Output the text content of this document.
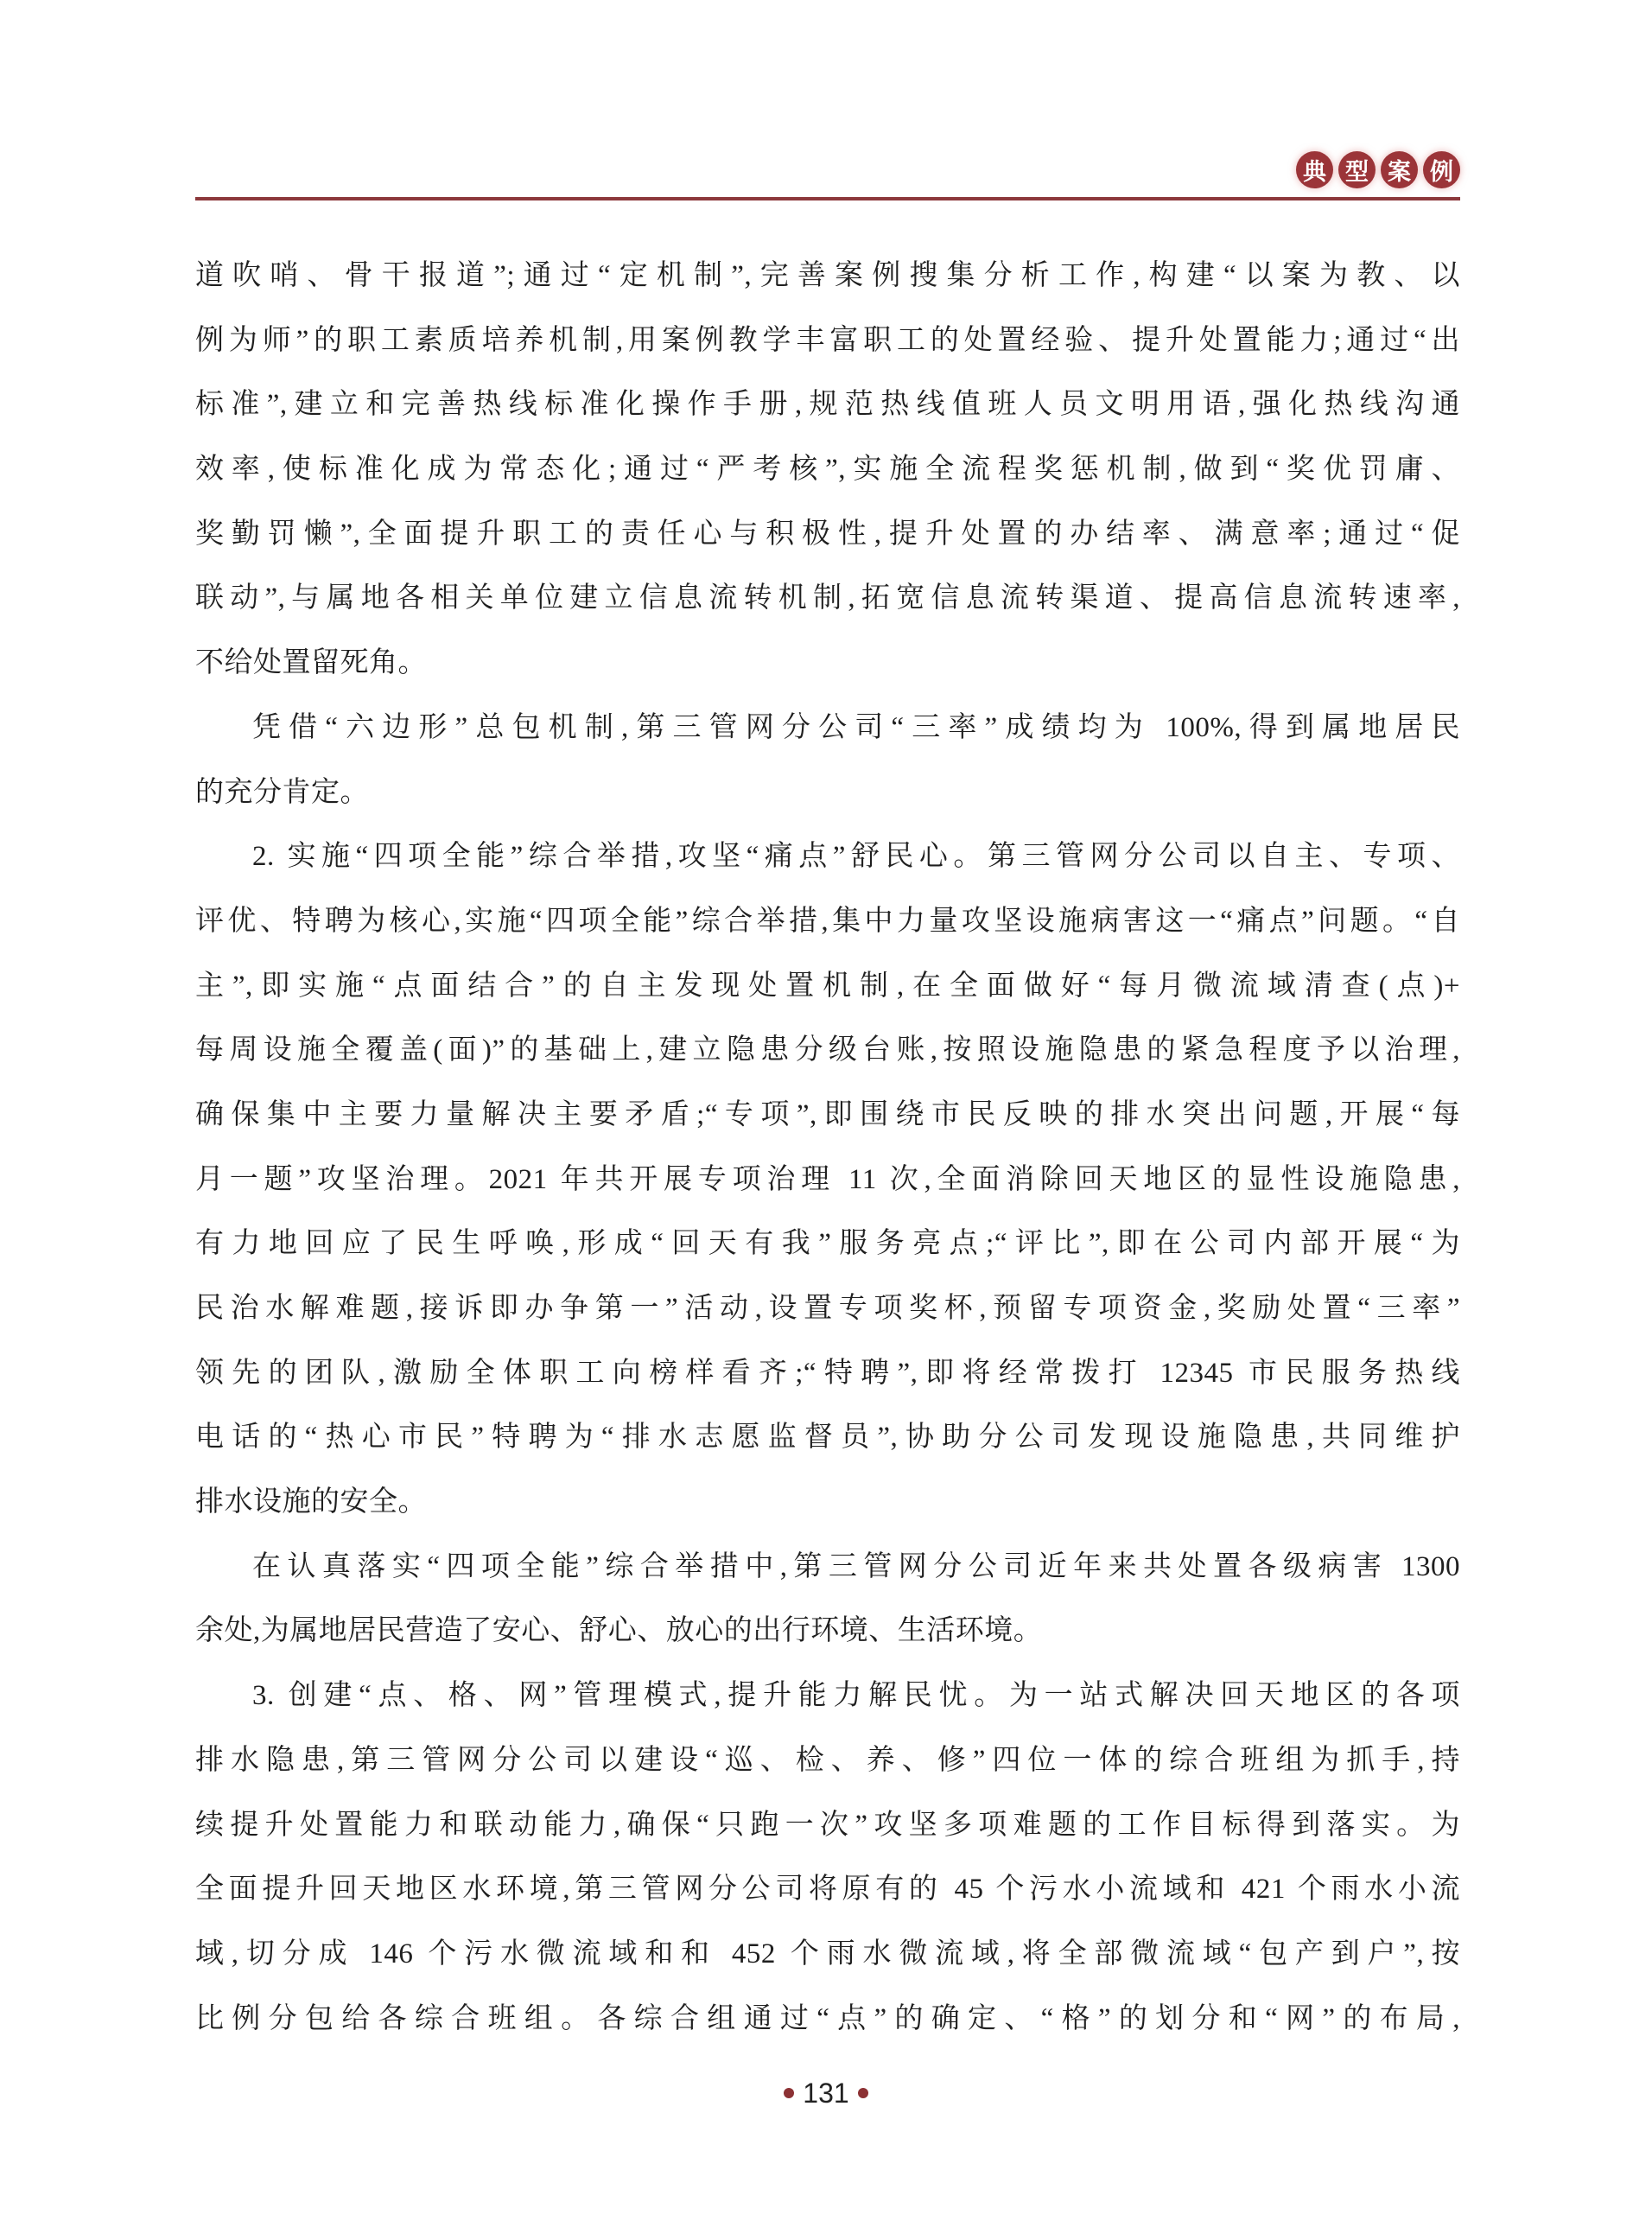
典 型 案 例
道吹哨、骨干报道”;通过“定机制”,完善案例搜集分析工作,构建“以案为教、以
例为师”的职工素质培养机制,用案例教学丰富职工的处置经验、提升处置能力;通过“出
标准”,建立和完善热线标准化操作手册,规范热线值班人员文明用语,强化热线沟通
效率,使标准化成为常态化;通过“严考核”,实施全流程奖惩机制,做到“奖优罚庸、
奖勤罚懒”,全面提升职工的责任心与积极性,提升处置的办结率、满意率;通过“促
联动”,与属地各相关单位建立信息流转机制,拓宽信息流转渠道、提高信息流转速率,
不给处置留死角。
凭借“六边形”总包机制,第三管网分公司“三率”成绩均为 100%,得到属地居民
的充分肯定。
2. 实施“四项全能”综合举措,攻坚“痛点”舒民心。第三管网分公司以自主、专项、
评优、特聘为核心,实施“四项全能”综合举措,集中力量攻坚设施病害这一“痛点”问题。“自
主”,即实施“点面结合”的自主发现处置机制,在全面做好“每月微流域清查(点)+
每周设施全覆盖(面)”的基础上,建立隐患分级台账,按照设施隐患的紧急程度予以治理,
确保集中主要力量解决主要矛盾;“专项”,即围绕市民反映的排水突出问题,开展“每
月一题”攻坚治理。2021 年共开展专项治理 11 次,全面消除回天地区的显性设施隐患,
有力地回应了民生呼唤,形成“回天有我”服务亮点;“评比”,即在公司内部开展“为
民治水解难题,接诉即办争第一”活动,设置专项奖杯,预留专项资金,奖励处置“三率”
领先的团队,激励全体职工向榜样看齐;“特聘”,即将经常拨打 12345 市民服务热线
电话的“热心市民”特聘为“排水志愿监督员”,协助分公司发现设施隐患,共同维护
排水设施的安全。
在认真落实“四项全能”综合举措中,第三管网分公司近年来共处置各级病害 1300
余处,为属地居民营造了安心、舒心、放心的出行环境、生活环境。
3. 创建“点、格、网”管理模式,提升能力解民忧。为一站式解决回天地区的各项
排水隐患,第三管网分公司以建设“巡、检、养、修”四位一体的综合班组为抓手,持
续提升处置能力和联动能力,确保“只跑一次”攻坚多项难题的工作目标得到落实。为
全面提升回天地区水环境,第三管网分公司将原有的 45 个污水小流域和 421 个雨水小流
域,切分成 146 个污水微流域和和 452 个雨水微流域,将全部微流域“包产到户”,按
比例分包给各综合班组。各综合组通过“点”的确定、“格”的划分和“网”的布局,
131
